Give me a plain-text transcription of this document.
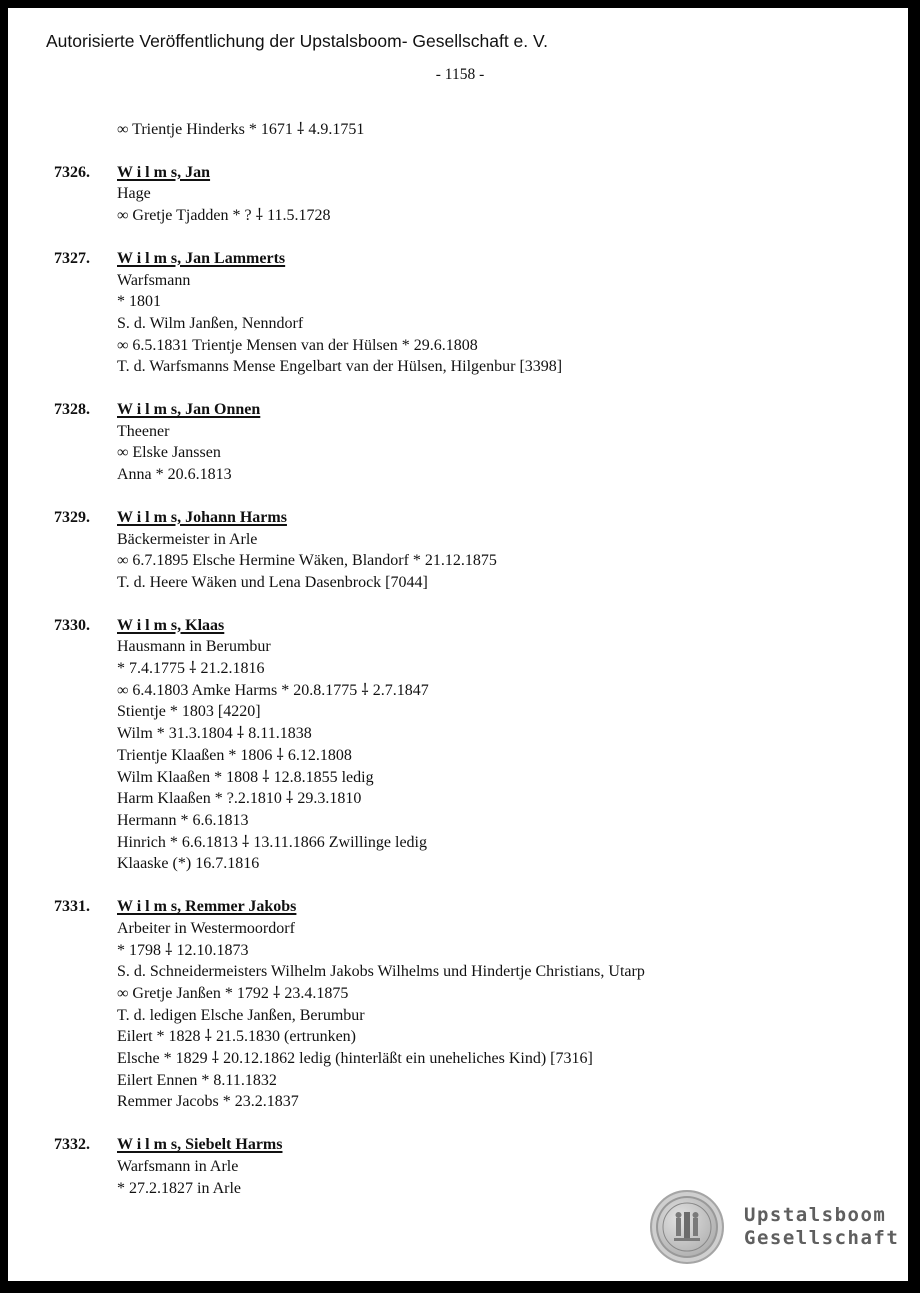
Autorisierte Veröffentlichung der Upstalsboom- Gesellschaft e. V.
- 1158 -
∞ Trientje Hinderks * 1671 ⸸ 4.9.1751
7326.	W i l m s, Jan
Hage
∞ Gretje Tjadden * ? ⸸ 11.5.1728
7327.	W i l m s, Jan Lammerts
Warfsmann
* 1801
S. d. Wilm Janßen, Nenndorf
∞ 6.5.1831 Trientje Mensen van der Hülsen * 29.6.1808
T. d. Warfsmanns Mense Engelbart van der Hülsen, Hilgenbur [3398]
7328.	W i l m s, Jan Onnen
Theener
∞ Elske Janssen
Anna * 20.6.1813
7329.	W i l m s, Johann Harms
Bäckermeister in Arle
∞ 6.7.1895 Elsche Hermine Wäken, Blandorf * 21.12.1875
T. d. Heere Wäken und Lena Dasenbrock [7044]
7330.	W i l m s, Klaas
Hausmann in Berumbur
* 7.4.1775 ⸸ 21.2.1816
∞ 6.4.1803 Amke Harms * 20.8.1775 ⸸ 2.7.1847
Stientje * 1803 [4220]
Wilm * 31.3.1804 ⸸ 8.11.1838
Trientje Klaaßen * 1806 ⸸ 6.12.1808
Wilm Klaaßen * 1808 ⸸ 12.8.1855 ledig
Harm Klaaßen * ?.2.1810 ⸸ 29.3.1810
Hermann * 6.6.1813
Hinrich * 6.6.1813 ⸸ 13.11.1866 Zwillinge ledig
Klaaske (*) 16.7.1816
7331.	W i l m s, Remmer Jakobs
Arbeiter in Westermoordorf
* 1798 ⸸ 12.10.1873
S. d. Schneidermeisters Wilhelm Jakobs Wilhelms und Hindertje Christians, Utarp
∞ Gretje Janßen * 1792 ⸸ 23.4.1875
T. d. ledigen Elsche Janßen, Berumbur
Eilert * 1828 ⸸ 21.5.1830 (ertrunken)
Elsche * 1829 ⸸ 20.12.1862 ledig (hinterläßt ein uneheliches Kind) [7316]
Eilert Ennen * 8.11.1832
Remmer Jacobs * 23.2.1837
7332.	W i l m s, Siebelt Harms
Warfsmann in Arle
* 27.2.1827 in Arle
Upstalsboom
Gesellschaft
